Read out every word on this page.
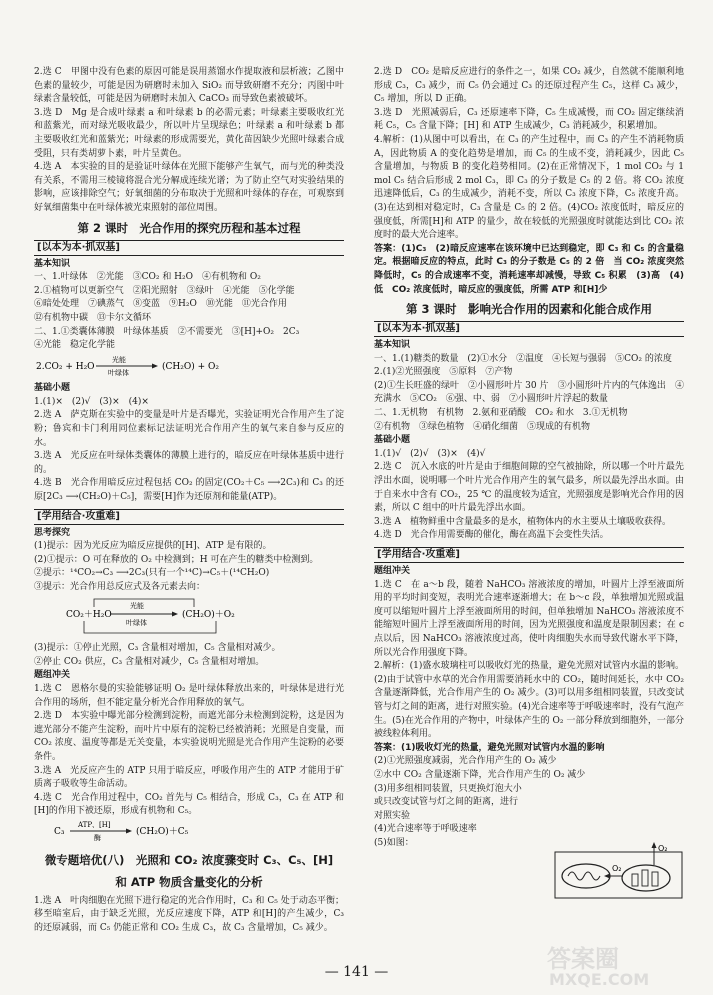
2.选 C　甲图中没有色素的原因可能是误用蒸馏水作提取液和层析液；乙图中色素的量较少，可能是因为研磨时未加入 SiO₂ 而导致研磨不充分；丙图中叶绿素含量较低，可能是因为研磨时未加入 CaCO₃ 而导致色素被破坏。

3.选 D　Mg 是合成叶绿素 a 和叶绿素 b 的必需元素；叶绿素主要吸收红光和蓝紫光，而对绿光吸收最少，所以叶片呈现绿色；叶绿素 a 和叶绿素 b 都主要吸收红光和蓝紫光；叶绿素的形成需要光，黄化苗因缺少光照叶绿素合成受阻，只有类胡萝卜素，叶片呈黄色。

4.选 A　本实验的目的是验证叶绿体在光照下能够产生氧气，而与光的种类没有关系，不需用三棱镜将混合光分解成连续光谱；为了防止空气对实验结果的影响，应该排除空气；好氧细菌的分布取决于光照和叶绿体的存在，可观察到好氧细菌集中在叶绿体被光束照射的部位周围。

第 2 课时　光合作用的探究历程和基本过程
[以本为本·抓双基]
基本知识

一、1.叶绿体　②光能　③CO₂ 和 H₂O　④有机物和 O₂

2.①植物可以更新空气　②阳光照射　③绿叶　④光能　⑤化学能

⑥暗处处理　⑦碘蒸气　⑧变蓝　⑨H₂O　⑩光能　⑪光合作用

⑫有机物中碳　⑬卡尔文循环

二、1.①类囊体薄膜　叶绿体基质　②不需要光　③[H]+O₂　2C₃

④光能　稳定化学能

2.CO₂ + H₂O
光能
叶绿体
(CH₂O) + O₂
基础小题

1.(1)×　(2)√　(3)×　(4)×

2.选 A　萨克斯在实验中的变量是叶片是否曝光，实验证明光合作用产生了淀粉；鲁宾和卡门利用同位素标记法证明光合作用产生的氧气来自参与反应的水。

3.选 A　光反应在叶绿体类囊体的薄膜上进行的，暗反应在叶绿体基质中进行的。

4.选 B　光合作用暗反应过程包括 CO₂ 的固定(CO₂＋C₅ ⟶2C₃)和 C₃ 的还原[2C₃ ⟶(CH₂O)＋C₅]，需要[H]作为还原剂和能量(ATP)。

[学用结合·攻重难]
思考探究

(1)提示：因为光反应为暗反应提供的[H]、ATP 是有限的。

(2)①提示：O 可在释放的 O₂ 中检测到；H 可在产生的糖类中检测到。

②提示：¹⁴CO₂→C₃ ⟶2C₃(只有一个¹⁴C)→C₅＋(¹⁴CH₂O)

③提示：光合作用总反应式及各元素去向：

CO₂＋H₂O
光能
叶绿体
(CH₂O)＋O₂

(3)提示：①停止光照，C₃ 含量相对增加，C₅ 含量相对减少。

②停止 CO₂ 供应，C₃ 含量相对减少，C₅ 含量相对增加。

题组冲关

1.选 C　恩格尔曼的实验能够证明 O₂ 是叶绿体释放出来的，叶绿体是进行光合作用的场所，但不能定量分析光合作用释放的氧气。

2.选 D　本实验中曝光部分检测到淀粉，而遮光部分未检测到淀粉，这是因为遮光部分不能产生淀粉，而叶片中原有的淀粉已经被消耗；光照是自变量，而 CO₂ 浓度、温度等都是无关变量，本实验说明光照是光合作用产生淀粉的必要条件。

3.选 A　光反应产生的 ATP 只用于暗反应，呼吸作用产生的 ATP 才能用于矿质离子吸收等生命活动。

4.选 C　光合作用过程中，CO₂ 首先与 C₅ 相结合，形成 C₃，C₃ 在 ATP 和[H]的作用下被还原，形成有机物和 C₅。

C₃
ATP、[H]
酶
(CH₂O)＋C₅
微专题培优(八)　光照和 CO₂ 浓度骤变时 C₃、C₅、[H]
和 ATP 物质含量变化的分析

1.选 A　叶肉细胞在光照下进行稳定的光合作用时，C₃ 和 C₅ 处于动态平衡；移至暗室后，由于缺乏光照，光反应速度下降，ATP 和[H]的产生减少，C₃ 的还原减弱，而 C₅ 仍能正常和 CO₂ 生成 C₃，故 C₃ 含量增加，C₅ 减少。

2.选 D　CO₂ 是暗反应进行的条件之一，如果 CO₂ 减少，自然就不能顺利地形成 C₃，C₃ 减少，而 C₅ 仍会通过 C₃ 的还原过程产生 C₅，这样 C₃ 减少，C₅ 增加，所以 D 正确。

3.选 D　光照减弱后，C₃ 还原速率下降，C₅ 生成减慢，而 CO₂ 固定继续消耗 C₅，C₅ 含量下降；[H] 和 ATP 生成减少，C₃ 消耗减少，积累增加。

4.解析：(1)从图中可以看出，在 C₃ 的产生过程中，而 C₃ 的产生不消耗物质 A，因此物质 A 的变化趋势是增加，而 C₅ 的生成不变，消耗减少，因此 C₅ 含量增加，与物质 B 的变化趋势相同。(2)在正常情况下，1 mol CO₂ 与 1 mol C₅ 结合后形成 2 mol C₃，即 C₃ 的分子数是 C₅ 的 2 倍。将 CO₂ 浓度迅速降低后，C₃ 的生成减少，消耗不变，所以 C₃ 浓度下降，C₅ 浓度升高。(3)在达到相对稳定时，C₃ 含量是 C₅ 的 2 倍。(4)CO₂ 浓度低时，暗反应的强度低，所需[H]和 ATP 的量少，故在较低的光照强度时就能达到比 CO₂ 浓度时的最大光合速率。

答案：(1)C₃　(2)暗反应速率在该环境中已达到稳定，即 C₃ 和 C₅ 的含量稳定。根据暗反应的特点，此时 C₃ 的分子数是 C₅ 的 2 倍　当 CO₂ 浓度突然降低时，C₅ 的合成速率不变，消耗速率却减慢，导致 C₅ 积累　(3)高　(4)低　CO₂ 浓度低时，暗反应的强度低，所需 ATP 和[H]少

第 3 课时　影响光合作用的因素和化能合成作用
[以本为本·抓双基]
基本知识

一、1.(1)糖类的数量　(2)①水分　②温度　④长短与强弱　⑤CO₂ 的浓度

2.(1)②光照强度　⑤原料　⑦产物

(2)①生长旺盛的绿叶　②小圆形叶片 30 片　③小圆形叶片内的气体逸出　④充满水　⑤CO₂　⑥强、中、弱　⑦小圆形叶片浮起的数量

二、1.无机物　有机物　2.氨和亚硝酸　CO₂ 和水　3.①无机物

②有机物　③绿色植物　④硝化细菌　⑤现成的有机物

基础小题

1.(1)√　(2)√　(3)×　(4)√

2.选 C　沉入水底的叶片是由于细胞间隙的空气被抽除，所以哪一个叶片最先浮出水面，说明哪一个叶片光合作用产生的氧气最多，所以最先浮出水面。由于自来水中含有 CO₂，25 ℃ 的温度较为适宜，光照强度是影响光合作用的因素，所以 C 组中的叶片最先浮出水面。

3.选 A　植物鲜重中含量最多的是水，植物体内的水主要从土壤吸收获得。

4.选 D　光合作用需要酶的催化，酶在高温下会变性失活。

[学用结合·攻重难]
题组冲关

1.选 C　在 a～b 段，随着 NaHCO₃ 溶液浓度的增加，叶圆片上浮至液面所用的平均时间变短，表明光合速率逐渐增大；在 b～c 段，单独增加光照或温度可以缩短叶圆片上浮至液面所用的时间，但单独增加 NaHCO₃ 溶液浓度不能缩短叶圆片上浮至液面所用的时间，因为光照强度和温度是限制因素；在 c 点以后，因 NaHCO₃ 溶液浓度过高，使叶肉细胞失水而导致代谢水平下降，所以光合作用强度下降。

2.解析：(1)盛水玻璃柱可以吸收灯光的热量，避免光照对试管内水温的影响。(2)由于试管中水草的光合作用需要消耗水中的 CO₂，随时间延长，水中 CO₂ 含量逐渐降低，光合作用产生的 O₂ 减少。(3)可以用多组相同装置，只改变试管与灯之间的距离，进行对照实验。(4)光合速率等于呼吸速率时，没有气泡产生。(5)在光合作用的产物中，叶绿体产生的 O₂ 一部分释放到细胞外，一部分被线粒体利用。

答案：(1)吸收灯光的热量，避免光照对试管内水温的影响

(2)①光照强度减弱，光合作用产生的 O₂ 减少

②水中 CO₂ 含量逐渐下降，光合作用产生的 O₂ 减少

(3)用多组相同装置，只更换灯泡大小

或只改变试管与灯之间的距离，进行

对照实验

(4)光合速率等于呼吸速率

(5)如图：

O₂
O₂
— 141 —	答案圈
MXQE.COM
